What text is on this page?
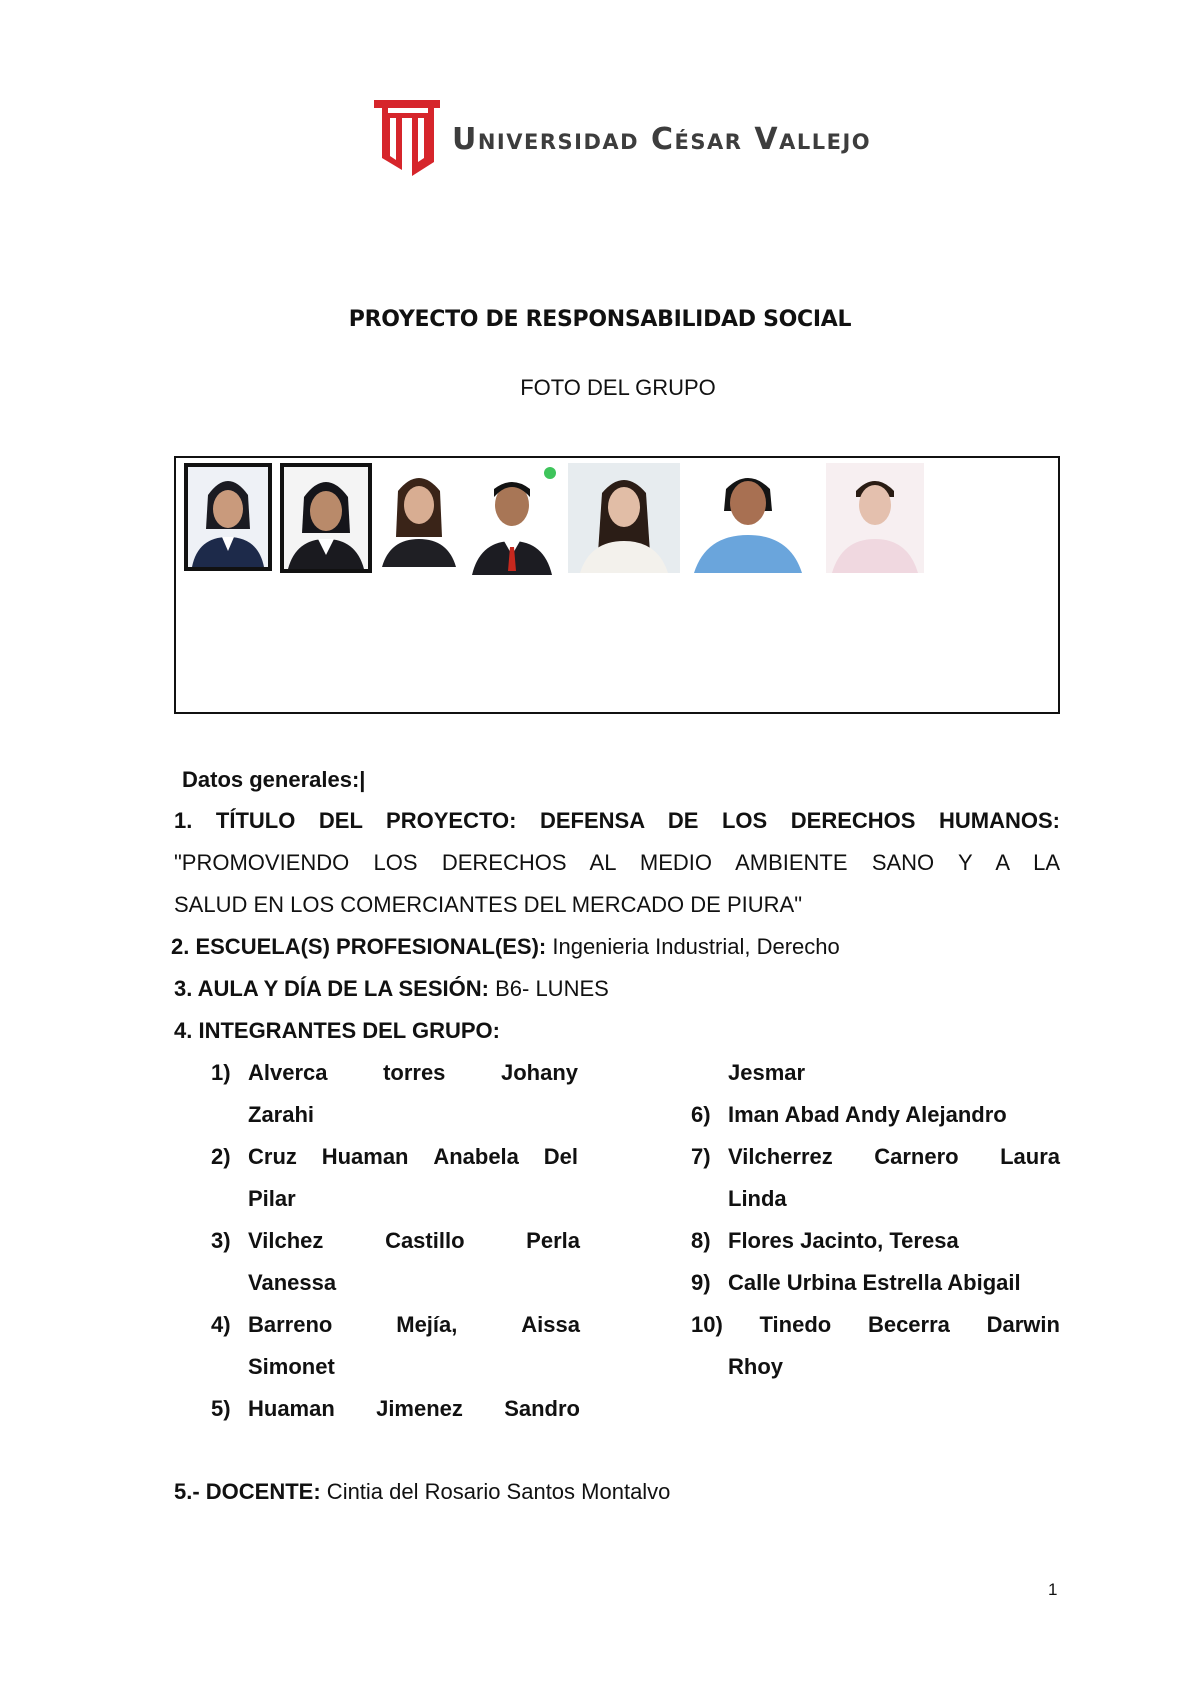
Universidad César Vallejo
PROYECTO DE RESPONSABILIDAD SOCIAL
FOTO DEL GRUPO
Datos generales:|
1. TÍTULO DEL PROYECTO: DEFENSA DE LOS DERECHOS HUMANOS:
"PROMOVIENDO LOS DERECHOS AL MEDIO AMBIENTE SANO Y A LA
SALUD EN LOS COMERCIANTES DEL MERCADO DE PIURA"
2. ESCUELA(S) PROFESIONAL(ES): Ingenieria Industrial, Derecho
3. AULA Y DÍA DE LA SESIÓN: B6- LUNES
4. INTEGRANTES DEL GRUPO:
1) Alverca	torres	Johany
Zarahi
2) Cruz Huaman Anabela Del
Pilar
3) Vilchez	Castillo	Perla
Vanessa
4) Barreno	Mejía,	Aissa
Simonet
5) Huaman Jimenez Sandro
Jesmar
6) Iman Abad Andy Alejandro
7) Vilcherrez Carnero Laura
Linda
8) Flores Jacinto, Teresa
9) Calle Urbina Estrella Abigail
10) Tinedo Becerra Darwin
Rhoy
5.- DOCENTE: Cintia del Rosario Santos Montalvo
1
